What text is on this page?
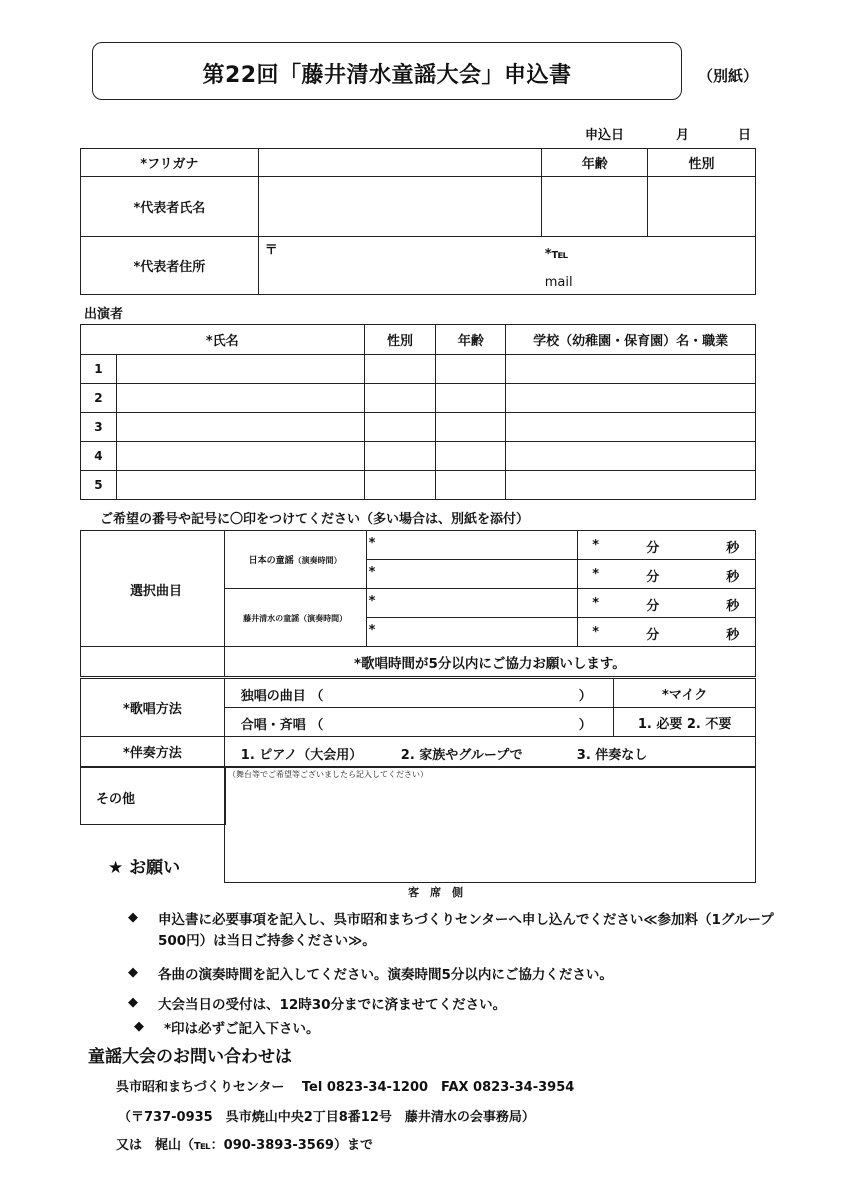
第22回「藤井清水童謡大会」申込書	（別紙）
申込日	月	日
*フリガナ		年齢	性別
*代表者氏名			
*代表者住所	〒 *℡
mail		
出演者
*氏名		性別	年齢	学校（幼稚園・保育園）名・職業
1				
2				
3				
4				
5				
ご希望の番号や記号に〇印をつけてください（多い場合は、別紙を添付）
	日本の童謡（演奏時間）	*	* 分 秒

		*	* 分 秒

	藤井清水の童謡（演奏時間）	*	* 分 秒

		*	* 分 秒

	*歌唱時間が5分以内にご協力お願いします。		
選択曲目
*歌唱方法	独唱の曲目 （ ）	*マイク

	合唱・斉唱 （ ）	1. 必要 2. 不要
*伴奏方法	1. ピアノ（大会用） 2. 家族やグループで 3. 伴奏なし	
その他
（舞台等でご希望等ございましたら記入してください）
客　席　側
★ お願い
◆ 申込書に必要事項を記入し、呉市昭和まちづくりセンターへ申し込んでください≪参加料（1グループ500円）は当日ご持参ください≫。
◆ 各曲の演奏時間を記入してください。演奏時間5分以内にご協力ください。
◆ 大会当日の受付は、12時30分までに済ませてください。
◆ *印は必ずご記入下さい。
童謡大会のお問い合わせは
呉市昭和まちづくりセンター　 Tel 0823-34-1200　FAX 0823-34-3954
（〒737-0935　呉市焼山中央2丁目8番12号　藤井清水の会事務局）
又は　梶山（℡：090-3893-3569）まで
